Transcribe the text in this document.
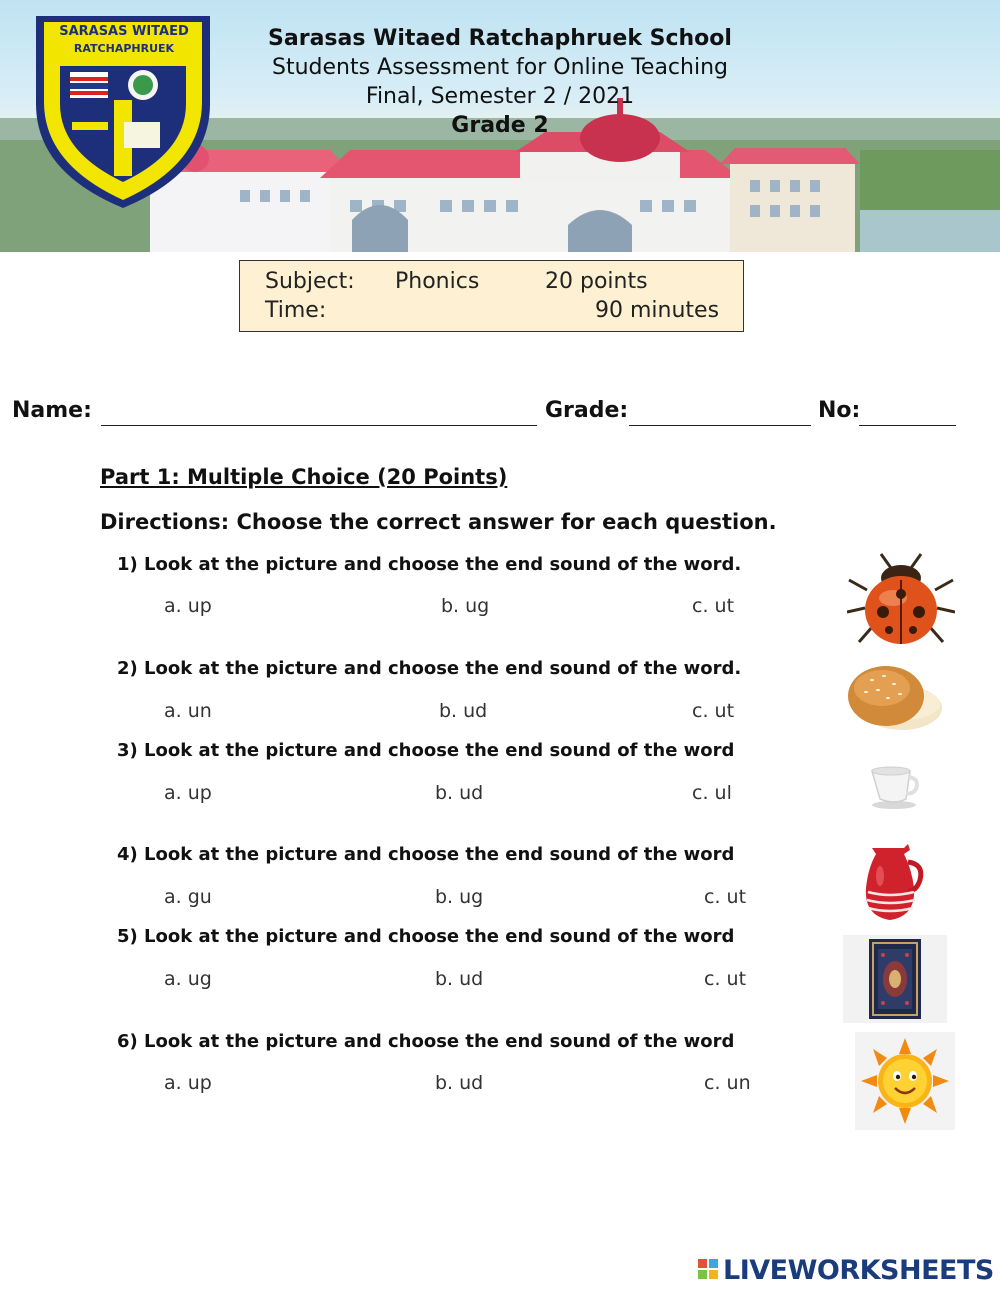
SARASAS WITAED
RATCHAPHRUEK	Sarasas Witaed Ratchaphruek School
Students Assessment for Online Teaching
Final, Semester 2 / 2021
Grade 2
Subject: Phonics	20 points
Time:	90 minutes
Name:	Grade:	No:
Part 1: Multiple Choice (20 Points)
Directions: Choose the correct answer for each question.
1) Look at the picture and choose the end sound of the word.
a. up	b. ug	c. ut
2) Look at the picture and choose the end sound of the word.
a. un	b. ud	c. ut
3) Look at the picture and choose the end sound of the word
a. up	b. ud	c. ul
4) Look at the picture and choose the end sound of the word
a. gu	b. ug	c. ut
5) Look at the picture and choose the end sound of the word
a. ug	b. ud	c. ut
6) Look at the picture and choose the end sound of the word
a. up	b. ud	c. un
LIVEWORKSHEETS
